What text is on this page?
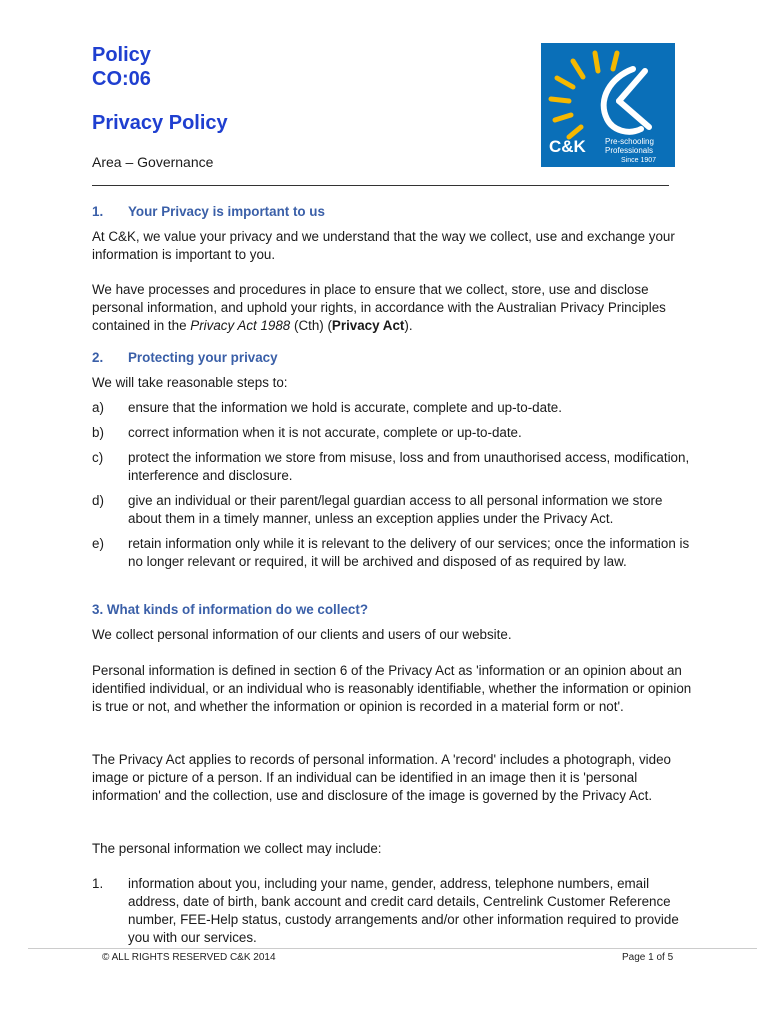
Policy
CO:06
Privacy Policy
Area – Governance
C&K Pre-schooling
Professionals
Since 1907
1. Your Privacy is important to us

At C&K, we value your privacy and we understand that the way we collect, use and exchange your information is important to you.

We have processes and procedures in place to ensure that we collect, store, use and disclose personal information, and uphold your rights, in accordance with the Australian Privacy Principles contained in the Privacy Act 1988 (Cth) (Privacy Act).

2. Protecting your privacy

We will take reasonable steps to:

a) ensure that the information we hold is accurate, complete and up-to-date.
b) correct information when it is not accurate, complete or up-to-date.
c) protect the information we store from misuse, loss and from unauthorised access, modification, interference and disclosure.
d) give an individual or their parent/legal guardian access to all personal information we store about them in a timely manner, unless an exception applies under the Privacy Act.
e) retain information only while it is relevant to the delivery of our services; once the information is no longer relevant or required, it will be archived and disposed of as required by law.
3. What kinds of information do we collect?

We collect personal information of our clients and users of our website.

Personal information is defined in section 6 of the Privacy Act as 'information or an opinion about an identified individual, or an individual who is reasonably identifiable, whether the information or opinion is true or not, and whether the information or opinion is recorded in a material form or not'.

The Privacy Act applies to records of personal information. A 'record' includes a photograph, video image or picture of a person. If an individual can be identified in an image then it is 'personal information' and the collection, use and disclosure of the image is governed by the Privacy Act.

The personal information we collect may include:

1. information about you, including your name, gender, address, telephone numbers, email address, date of birth, bank account and credit card details, Centrelink Customer Reference number, FEE-Help status, custody arrangements and/or other information required to provide you with our services.
© ALL RIGHTS RESERVED C&K 2014	Page 1 of 5
